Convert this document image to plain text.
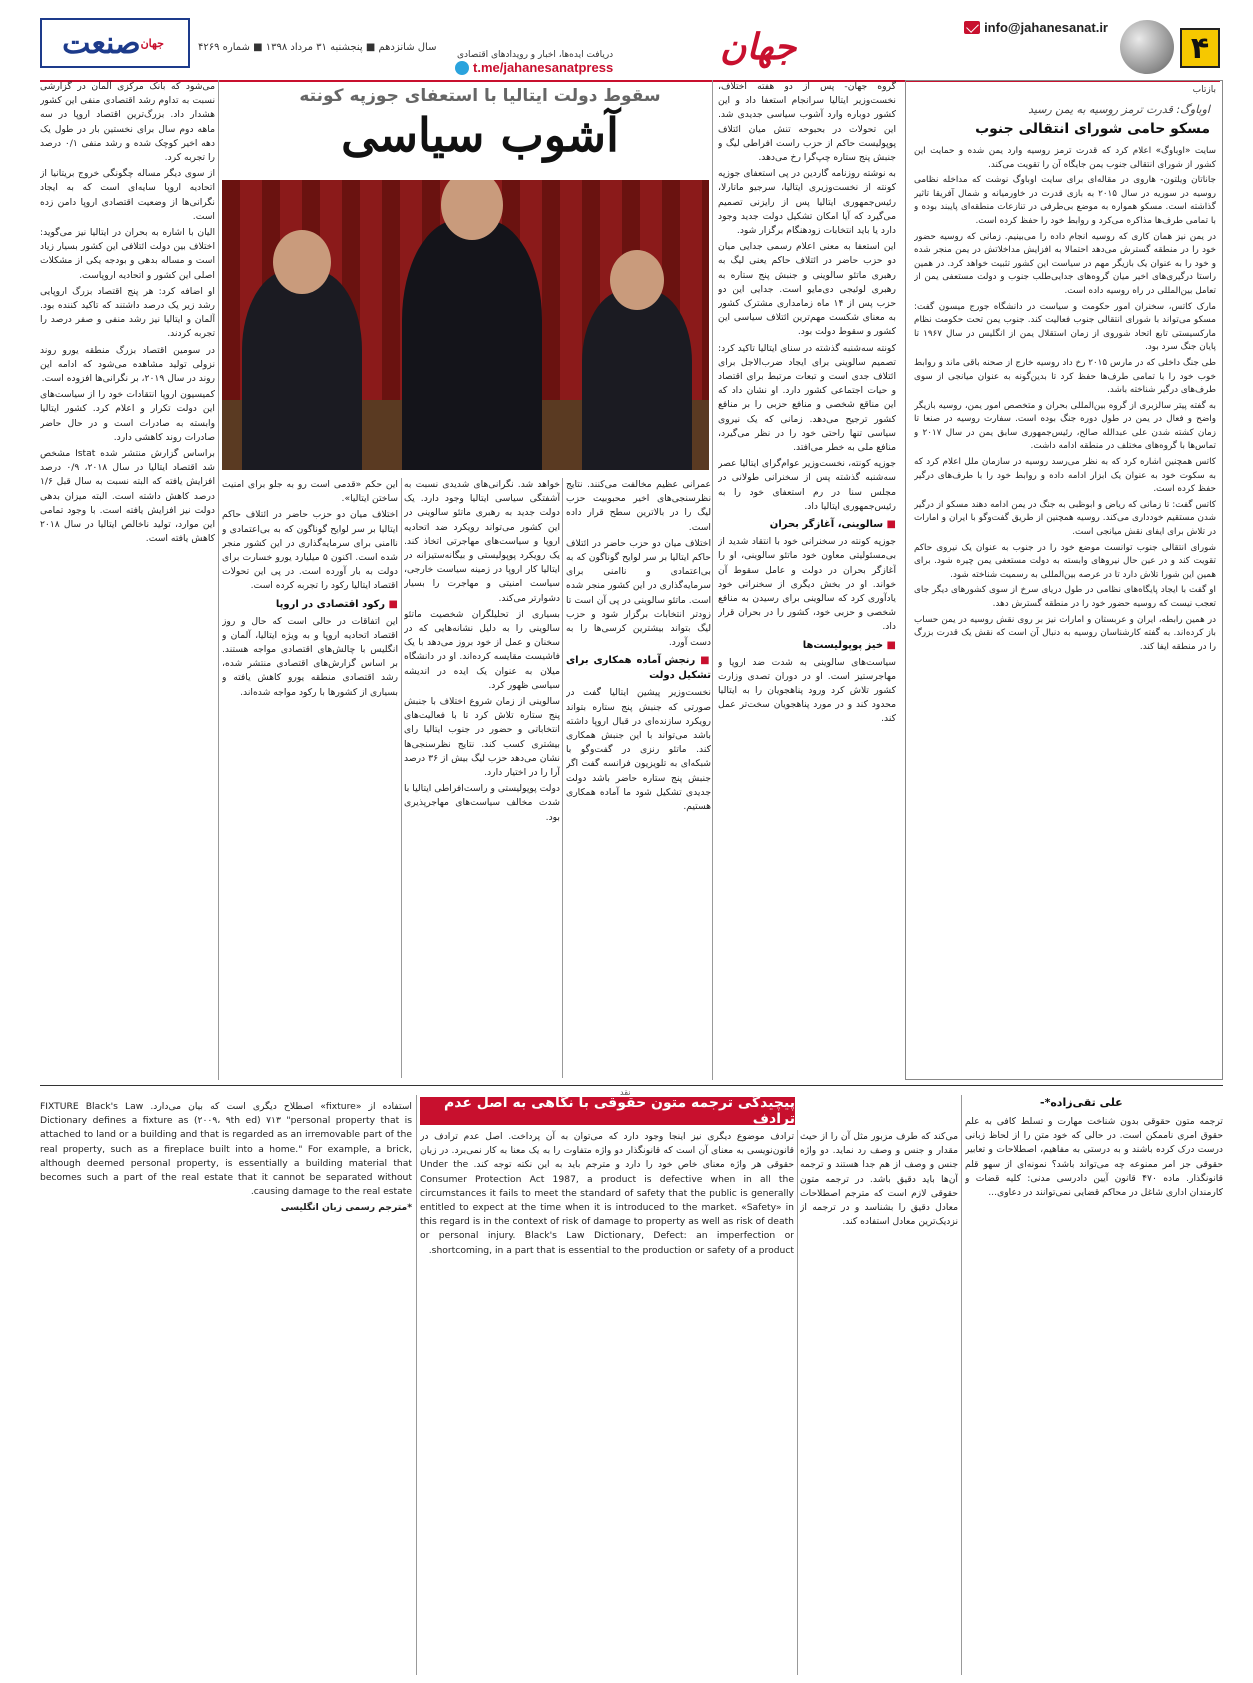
۴
info@jahanesanat.ir
جهان
دریافت ایده‌ها، اخبار و رویدادهای اقتصادی
t.me/jahanesanatpress
سال شانزدهم ■ پنجشنبه ۳۱ مرداد ۱۳۹۸ ■ شماره ۴۲۶۹
صنعت جهان
بازتاب
اوباوگ: قدرت ترمز روسیه به یمن رسید
مسکو حامی شورای انتقالی جنوب

سایت «اوباوگ» اعلام کرد که قدرت ترمز روسیه وارد یمن شده و حمایت این کشور از شورای انتقالی جنوب یمن جایگاه آن را تقویت می‌کند.

جاناتان ویلتون- هاروی در مقاله‌ای برای سایت اوباوگ نوشت که مداخله نظامی روسیه در سوریه در سال ۲۰۱۵ به بازی قدرت در خاورمیانه و شمال آفریقا تاثیر گذاشته است. مسکو همواره به موضع بی‌طرفی در تنازعات منطقه‌ای پایبند بوده و با تمامی طرف‌ها مذاکره می‌کرد و روابط خود را حفظ کرده است.

در یمن نیز همان کاری که روسیه انجام داده را می‌بینیم. زمانی که روسیه حضور خود را در منطقه گسترش می‌دهد احتمالا به افزایش مداخلاتش در یمن منجر شده و خود را به عنوان یک بازیگر مهم در سیاست این کشور تثبیت خواهد کرد. در همین راستا درگیری‌های اخیر میان گروه‌های جدایی‌طلب جنوب و دولت مستعفی یمن از تعامل بین‌المللی در راه روسیه داده است.

مارک کاتس، سخنران امور حکومت و سیاست در دانشگاه جورج میسون گفت: مسکو می‌تواند با شورای انتقالی جنوب فعالیت کند. جنوب یمن تحت حکومت نظام مارکسیستی تابع اتحاد شوروی از زمان استقلال یمن از انگلیس در سال ۱۹۶۷ تا پایان جنگ سرد بود.

طی جنگ داخلی که در مارس ۲۰۱۵ رخ داد روسیه خارج از صحنه باقی ماند و روابط خوب خود را با تمامی طرف‌ها حفظ کرد تا بدین‌گونه به عنوان میانجی از سوی طرف‌های درگیر شناخته باشد.

به گفته پیتر سالزبری از گروه بین‌المللی بحران و متخصص امور یمن، روسیه بازیگر واضح و فعال در یمن در طول دوره جنگ بوده است. سفارت روسیه در صنعا تا زمان کشته شدن علی عبدالله صالح، رئیس‌جمهوری سابق یمن در سال ۲۰۱۷ و تماس‌ها با گروه‌های مختلف در منطقه ادامه داشت.

کاتس همچنین اشاره کرد که به نظر می‌رسد روسیه در سازمان ملل اعلام کرد که به سکوت خود به عنوان یک ابزار ادامه داده و روابط خود را با طرف‌های درگیر حفظ کرده است.

کاتس گفت: تا زمانی که ریاض و ابوظبی به جنگ در یمن ادامه دهند مسکو از درگیر شدن مستقیم خودداری می‌کند. روسیه همچنین از طریق گفت‌وگو با ایران و امارات در تلاش برای ایفای نقش میانجی است.

شورای انتقالی جنوب توانست موضع خود را در جنوب به عنوان یک نیروی حاکم تقویت کند و در عین حال نیروهای وابسته به دولت مستعفی یمن چیره شود. برای همین این شورا تلاش دارد تا در عرصه بین‌المللی به رسمیت شناخته شود.

او گفت با ایجاد پایگاه‌های نظامی در طول دریای سرخ از سوی کشورهای دیگر جای تعجب نیست که روسیه حضور خود را در منطقه گسترش دهد.

در همین رابطه، ایران و عربستان و امارات نیز بر روی نقش روسیه در یمن حساب باز کرده‌اند. به گفته کارشناسان روسیه به دنبال آن است که نقش یک قدرت بزرگ را در منطقه ایفا کند.

سقوط دولت ایتالیا با استعفای جوزپه کونته
آشوب سیاسی

گروه جهان- پس از دو هفته اختلاف، نخست‌وزیر ایتالیا سرانجام استعفا داد و این کشور دوباره وارد آشوب سیاسی جدیدی شد. این تحولات در بحبوحه تنش میان ائتلاف پوپولیست حاکم از حزب راست افراطی لیگ و جنبش پنج ستاره چپ‌گرا رخ می‌دهد.

به نوشته روزنامه گاردین در پی استعفای جوزپه کونته از نخست‌وزیری ایتالیا، سرجیو ماتارلا، رئیس‌جمهوری ایتالیا پس از رایزنی تصمیم می‌گیرد که آیا امکان تشکیل دولت جدید وجود دارد یا باید انتخابات زودهنگام برگزار شود.

این استعفا به معنی اعلام رسمی جدایی میان دو حزب حاضر در ائتلاف حاکم یعنی لیگ به رهبری ماتئو سالوینی و جنبش پنج ستاره به رهبری لوئیجی دی‌مایو است. جدایی این دو حزب پس از ۱۴ ماه زمامداری مشترک کشور به معنای شکست مهم‌ترین ائتلاف سیاسی این کشور و سقوط دولت بود.

کونته سه‌شنبه گذشته در سنای ایتالیا تاکید کرد: تصمیم سالوینی برای ایجاد ضرب‌الاجل برای ائتلاف جدی است و تبعات مرتبط برای اقتصاد و حیات اجتماعی کشور دارد. او نشان داد که این مناقع شخصی و منافع حزبی را بر منافع کشور ترجیح می‌دهد. زمانی که یک نیروی سیاسی تنها راحتی خود را در نظر می‌گیرد، منافع ملی به خطر می‌افتد.

جوزپه کونته، نخست‌وزیر عوام‌گرای ایتالیا عصر سه‌شنبه گذشته پس از سخنرانی طولانی در مجلس سنا در رم استعفای خود را به رئیس‌جمهوری ایتالیا داد.

■ سالوینی، آغازگر بحران

جوزپه کونته در سخنرانی خود با انتقاد شدید از بی‌مسئولیتی معاون خود ماتئو سالوینی، او را آغازگر بحران در دولت و عامل سقوط آن خواند. او در بخش دیگری از سخنرانی خود یادآوری کرد که سالوینی برای رسیدن به منافع شخصی و حزبی خود، کشور را در بحران قرار داد.

■ خیز پوپولیست‌ها

سیاست‌های سالوینی به شدت ضد اروپا و مهاجرستیز است. او در دوران تصدی وزارت کشور تلاش کرد ورود پناهجویان را به ایتالیا محدود کند و در مورد پناهجویان سخت‌تر عمل کند.

عمرانی عظیم مخالفت می‌کنند. نتایج نظرسنجی‌های اخیر محبوبیت حزب لیگ را در بالاترین سطح قرار داده است.

اختلاف میان دو حزب حاضر در ائتلاف حاکم ایتالیا بر سر لوایح گوناگون که به بی‌اعتمادی و ناامنی برای سرمایه‌گذاری در این کشور منجر شده است. ماتئو سالوینی در پی آن است تا زودتر انتخابات برگزار شود و حزب لیگ بتواند بیشترین کرسی‌ها را به دست آورد.

■ رنجش آماده همکاری برای تشکیل دولت

نخست‌وزیر پیشین ایتالیا گفت در صورتی که جنبش پنج ستاره بتواند رویکرد سازنده‌ای در قبال اروپا داشته باشد می‌تواند با این جنبش همکاری کند. ماتئو رنزی در گفت‌وگو با شبکه‌ای به تلویزیون فرانسه گفت اگر جنبش پنج ستاره حاضر باشد دولت جدیدی تشکیل شود ما آماده همکاری هستیم.

خواهد شد. نگرانی‌های شدیدی نسبت به آشفتگی سیاسی ایتالیا وجود دارد. یک دولت جدید به رهبری ماتئو سالوینی در این کشور می‌تواند رویکرد ضد اتحادیه اروپا و سیاست‌های مهاجرتی اتخاذ کند. یک رویکرد پوپولیستی و بیگانه‌ستیزانه در ایتالیا کار اروپا در زمینه سیاست خارجی، سیاست امنیتی و مهاجرت را بسیار دشوارتر می‌کند.

بسیاری از تحلیلگران شخصیت ماتئو سالوینی را به دلیل نشانه‌هایی که در سخنان و عمل از خود بروز می‌دهد با یک فاشیست مقایسه کرده‌اند. او در دانشگاه میلان به عنوان یک ایده در اندیشه سیاسی ظهور کرد.

سالوینی از زمان شروع اختلاف با جنبش پنج ستاره تلاش کرد تا با فعالیت‌های انتخاباتی و حضور در جنوب ایتالیا رای بیشتری کسب کند. نتایج نظرسنجی‌ها نشان می‌دهد حزب لیگ بیش از ۳۶ درصد آرا را در اختیار دارد.

دولت پوپولیستی و راست‌افراطی ایتالیا با شدت مخالف سیاست‌های مهاجرپذیری بود.

این حکم «قدمی است رو به جلو برای امنیت ساختن ایتالیا».

اختلاف میان دو حزب حاضر در ائتلاف حاکم ایتالیا بر سر لوایح گوناگون که به بی‌اعتمادی و ناامنی برای سرمایه‌گذاری در این کشور منجر شده است. اکنون ۵ میلیارد یورو خسارت برای دولت به بار آورده است. در پی این تحولات اقتصاد ایتالیا رکود را تجربه کرده است.

■ رکود اقتصادی در اروپا

این اتفاقات در حالی است که حال و روز اقتصاد اتحادیه اروپا و به ویژه ایتالیا، آلمان و انگلیس با چالش‌های اقتصادی مواجه هستند. بر اساس گزارش‌های اقتصادی منتشر شده، رشد اقتصادی منطقه یورو کاهش یافته و بسیاری از کشورها با رکود مواجه شده‌اند.

می‌شود که بانک مرکزی آلمان در گزارشی نسبت به تداوم رشد اقتصادی منفی این کشور هشدار داد. بزرگ‌ترین اقتصاد اروپا در سه ماهه دوم سال برای نخستین بار در طول یک دهه اخیر کوچک شده و رشد منفی ۰/۱ درصد را تجربه کرد.

از سوی دیگر مساله چگونگی خروج بریتانیا از اتحادیه اروپا سایه‌ای است که به ایجاد نگرانی‌ها از وضعیت اقتصادی اروپا دامن زده است.

الیان با اشاره به بحران در ایتالیا نیز می‌گوید: اختلاف بین دولت ائتلافی این کشور بسیار زیاد است و مساله بدهی و بودجه یکی از مشکلات اصلی این کشور و اتحادیه اروپاست.

او اضافه کرد: هر پنج اقتصاد بزرگ اروپایی رشد زیر یک درصد داشتند که تاکید کننده بود. آلمان و ایتالیا نیز رشد منفی و صفر درصد را تجربه کردند.

در سومین اقتصاد بزرگ منطقه یورو روند نزولی تولید مشاهده می‌شود که ادامه این روند در سال ۲۰۱۹، بر نگرانی‌ها افزوده است.

کمیسیون اروپا انتقادات خود را از سیاست‌های این دولت تکرار و اعلام کرد. کشور ایتالیا وابسته به صادرات است و در حال حاضر صادرات روند کاهشی دارد.

براساس گزارش منتشر شده Istat مشخص شد اقتصاد ایتالیا در سال ۲۰۱۸، ۰/۹ درصد افزایش یافته که البته نسبت به سال قبل ۱/۶ درصد کاهش داشته است. البته میزان بدهی دولت نیز افزایش یافته است. با وجود تمامی این موارد، تولید ناخالص ایتالیا در سال ۲۰۱۸ کاهش یافته است.

نقد
پیچیدگی ترجمه متون حقوقی با نگاهی به اصل عدم ترادف
علی تقی‌زاده*-

ترجمه متون حقوقی بدون شناخت مهارت و تسلط کافی به علم حقوق امری ناممکن است. در حالی که خود متن را از لحاظ زبانی درست درک کرده باشند و به درستی به مفاهیم، اصطلاحات و تعابیر حقوقی جز امر ممنوعه چه می‌تواند باشد؟ نمونه‌ای از سهو قلم قانونگذار. ماده ۴۷۰ قانون آیین دادرسی مدنی: کلیه قضات و کارمندان اداری شاغل در محاکم قضایی نمی‌توانند در دعاوی...

می‌کند که طرف مزبور مثل آن را از حیث مقدار و جنس و وصف رد نماید. دو واژه جنس و وصف از هم جدا هستند و ترجمه آن‌ها باید دقیق باشد. در ترجمه متون حقوقی لازم است که مترجم اصطلاحات معادل دقیق را بشناسد و در ترجمه از نزدیک‌ترین معادل استفاده کند.

ترادف موضوع دیگری نیز اینجا وجود دارد که می‌توان به آن پرداخت. اصل عدم ترادف در قانون‌نویسی به معنای آن است که قانونگذار دو واژه متفاوت را به یک معنا به کار نمی‌برد. در زبان حقوقی هر واژه معنای خاص خود را دارد و مترجم باید به این نکته توجه کند. Under the Consumer Protection Act 1987, a product is defective when in all the circumstances it fails to meet the standard of safety that the public is generally entitled to expect at the time when it is introduced to the market. «Safety» in this regard is in the context of risk of damage to property as well as risk of death or personal injury. Black's Law Dictionary, Defect: an imperfection or shortcoming, in a part that is essential to the production or safety of a product.

استفاده از «fixture» اصطلاح دیگری است که بیان می‌دارد. FIXTURE Black's Law Dictionary defines a fixture as (۲۰۰۹، ۹th ed) ۷۱۳ "personal property that is attached to land or a building and that is regarded as an irremovable part of the real property, such as a fireplace built into a home." For example, a brick, although deemed personal property, is essentially a building material that becomes such a part of the real estate that it cannot be separated without causing damage to the real estate.

*مترجم رسمی زبان انگلیسی
